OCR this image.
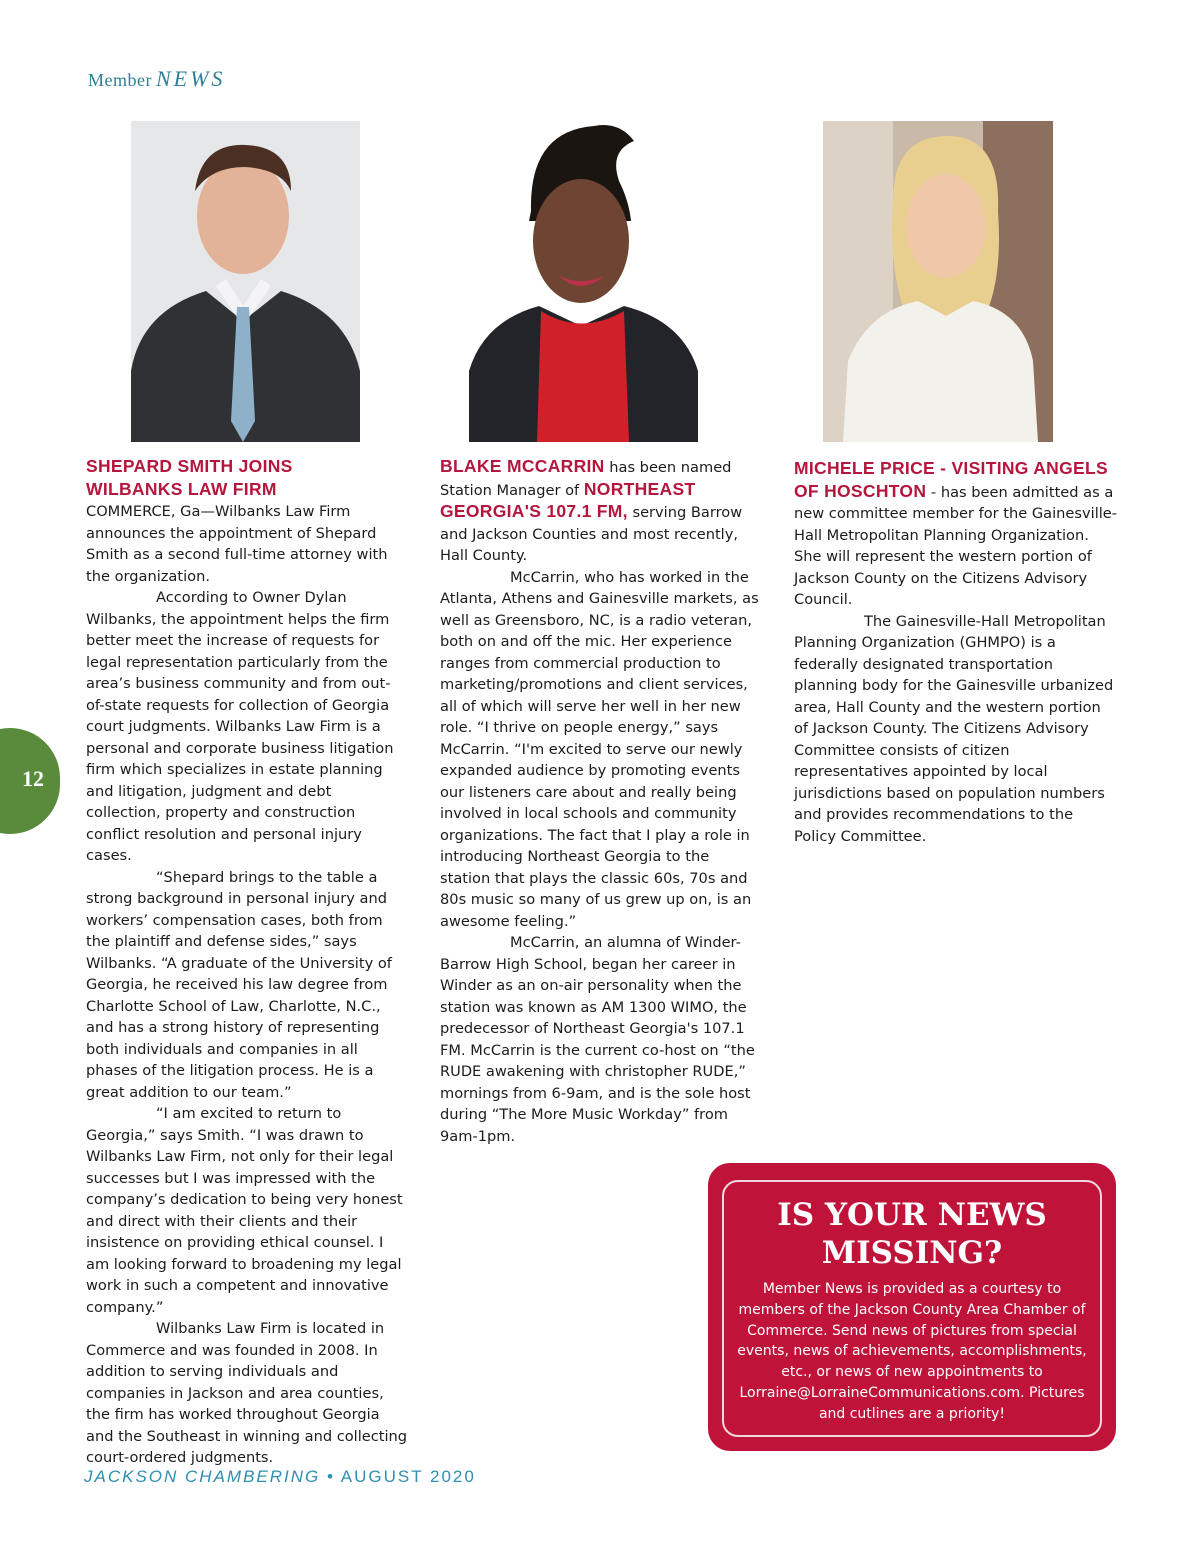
Member NEWS

SHEPARD SMITH JOINS

WILBANKS LAW FIRM

COMMERCE, Ga—Wilbanks Law Firm announces the appointment of Shepard Smith as a second full-time attorney with the organization.

According to Owner Dylan Wilbanks, the appointment helps the firm better meet the increase of requests for legal representation particularly from the area’s business community and from out-of-state requests for collection of Georgia court judgments. Wilbanks Law Firm is a personal and corporate business litigation firm which specializes in estate planning and litigation, judgment and debt collection, property and construction conflict resolution and personal injury cases.

“Shepard brings to the table a strong background in personal injury and workers’ compensation cases, both from the plaintiff and defense sides,” says Wilbanks. “A graduate of the University of Georgia, he received his law degree from Charlotte School of Law, Charlotte, N.C., and has a strong history of representing both individuals and companies in all phases of the litigation process. He is a great addition to our team.”

“I am excited to return to Georgia,” says Smith. “I was drawn to Wilbanks Law Firm, not only for their legal successes but I was impressed with the company’s dedication to being very honest and direct with their clients and their insistence on providing ethical counsel. I am looking forward to broadening my legal work in such a competent and innovative company.”

Wilbanks Law Firm is located in Commerce and was founded in 2008. In addition to serving individuals and companies in Jackson and area counties, the firm has worked throughout Georgia and the Southeast in winning and collecting court-ordered judgments.

BLAKE MCCARRIN has been named Station Manager of NORTHEAST GEORGIA'S 107.1 FM, serving Barrow and Jackson Counties and most recently, Hall County.

McCarrin, who has worked in the Atlanta, Athens and Gainesville markets, as well as Greensboro, NC, is a radio veteran, both on and off the mic. Her experience ranges from commercial production to marketing/promotions and client services, all of which will serve her well in her new role. “I thrive on people energy,” says McCarrin. “I'm excited to serve our newly expanded audience by promoting events our listeners care about and really being involved in local schools and community organizations. The fact that I play a role in introducing Northeast Georgia to the station that plays the classic 60s, 70s and 80s music so many of us grew up on, is an awesome feeling.”

McCarrin, an alumna of Winder-Barrow High School, began her career in Winder as an on-air personality when the station was known as AM 1300 WIMO, the predecessor of Northeast Georgia's 107.1 FM. McCarrin is the current co-host on “the RUDE awakening with christopher RUDE,” mornings from 6-9am, and is the sole host during “The More Music Workday” from 9am-1pm.

MICHELE PRICE - VISITING ANGELS OF HOSCHTON - has been admitted as a new committee member for the Gainesville-Hall Metropolitan Planning Organization. She will represent the western portion of Jackson County on the Citizens Advisory Council.

The Gainesville-Hall Metropolitan Planning Organization (GHMPO) is a federally designated transportation planning body for the Gainesville urbanized area, Hall County and the western portion of Jackson County. The Citizens Advisory Committee consists of citizen representatives appointed by local jurisdictions based on population numbers and provides recommendations to the Policy Committee.

12
IS YOUR NEWS
MISSING?
Member News is provided as a courtesy to members of the Jackson County Area Chamber of Commerce. Send news of pictures from special events, news of achievements, accomplishments, etc., or news of new appointments to Lorraine@LorraineCommunications.com. Pictures and cutlines are a priority!
JACKSON CHAMBERING • AUGUST 2020
